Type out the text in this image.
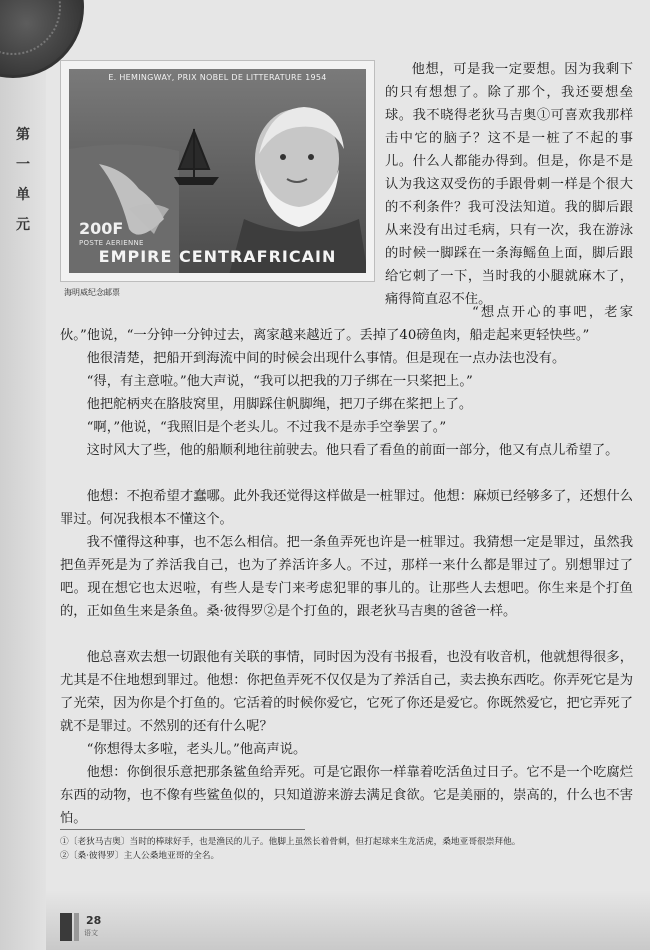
第一单元
E. HEMINGWAY, PRIX NOBEL DE LITTERATURE 1954
200F
POSTE AERIENNE
EMPIRE CENTRAFRICAIN
海明威纪念邮票

他想，可是我一定要想。因为我剩下的只有想想了。除了那个，我还要想垒球。我不晓得老狄马吉奥①可喜欢我那样击中它的脑子？这不是一桩了不起的事儿。什么人都能办得到。但是，你是不是认为我这双受伤的手跟骨刺一样是个很大的不利条件？我可没法知道。我的脚后跟从来没有出过毛病，只有一次，我在游泳的时候一脚踩在一条海鳐鱼上面，脚后跟给它刺了一下，当时我的小腿就麻木了，痛得简直忍不住。

“想点开心的事吧，老家伙。”他说，“一分钟一分钟过去，离家越来越近了。丢掉了40磅鱼肉，船走起来更轻快些。”

他很清楚，把船开到海流中间的时候会出现什么事情。但是现在一点办法也没有。

“得，有主意啦。”他大声说，“我可以把我的刀子绑在一只桨把上。”

他把舵柄夹在胳肢窝里，用脚踩住帆脚绳，把刀子绑在桨把上了。

“啊，”他说，“我照旧是个老头儿。不过我不是赤手空拳罢了。”

这时风大了些，他的船顺利地往前驶去。他只看了看鱼的前面一部分，他又有点儿希望了。

他想：不抱希望才蠢哪。此外我还觉得这样做是一桩罪过。他想：麻烦已经够多了，还想什么罪过。何况我根本不懂这个。

我不懂得这种事，也不怎么相信。把一条鱼弄死也许是一桩罪过。我猜想一定是罪过，虽然我把鱼弄死是为了养活我自己，也为了养活许多人。不过，那样一来什么都是罪过了。别想罪过了吧。现在想它也太迟啦，有些人是专门来考虑犯罪的事儿的。让那些人去想吧。你生来是个打鱼的，正如鱼生来是条鱼。桑·彼得罗②是个打鱼的，跟老狄马吉奥的爸爸一样。

他总喜欢去想一切跟他有关联的事情，同时因为没有书报看，也没有收音机，他就想得很多，尤其是不住地想到罪过。他想：你把鱼弄死不仅仅是为了养活自己，卖去换东西吃。你弄死它是为了光荣，因为你是个打鱼的。它活着的时候你爱它，它死了你还是爱它。你既然爱它，把它弄死了就不是罪过。不然别的还有什么呢？

“你想得太多啦，老头儿。”他高声说。

他想：你倒很乐意把那条鲨鱼给弄死。可是它跟你一样靠着吃活鱼过日子。它不是一个吃腐烂东西的动物，也不像有些鲨鱼似的，只知道游来游去满足食欲。它是美丽的，崇高的，什么也不害怕。

①〔老狄马吉奥〕当时的棒球好手，也是渔民的儿子。他脚上虽然长着骨刺，但打起球来生龙活虎，桑地亚哥很崇拜他。

②〔桑·彼得罗〕主人公桑地亚哥的全名。

28
语文
